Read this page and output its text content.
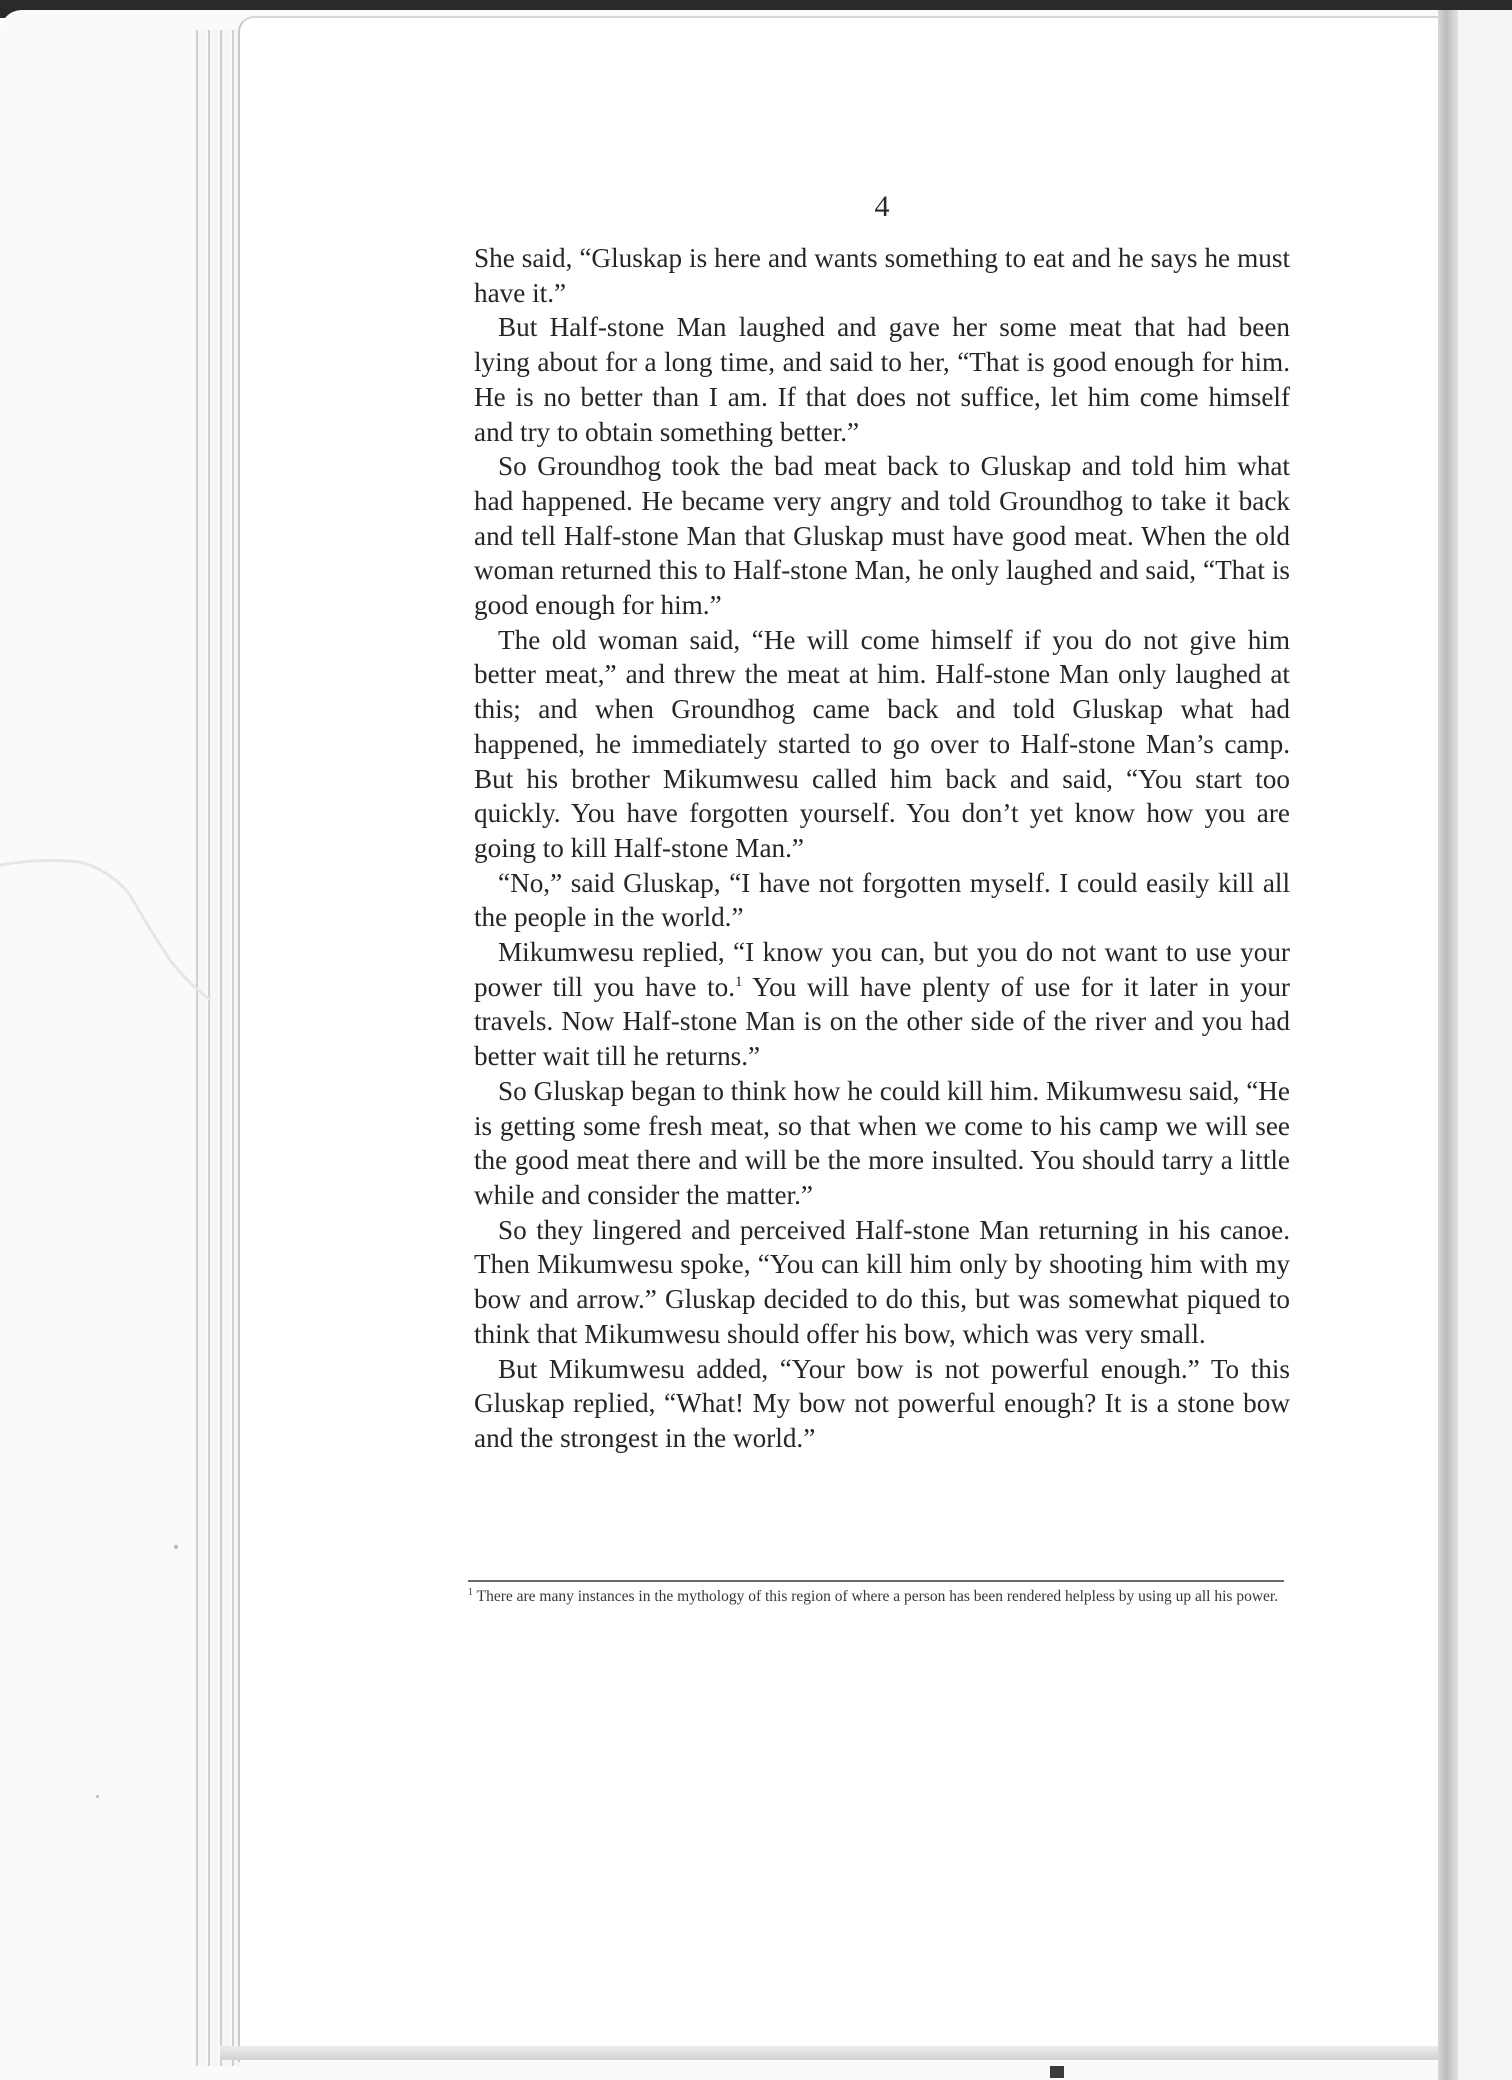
4

She said, “Gluskap is here and wants something to eat and he says he must have it.”

But Half-stone Man laughed and gave her some meat that had been lying about for a long time, and said to her, “That is good enough for him. He is no better than I am. If that does not suffice, let him come himself and try to obtain something better.”

So Groundhog took the bad meat back to Gluskap and told him what had happened. He became very angry and told Groundhog to take it back and tell Half-stone Man that Gluskap must have good meat. When the old woman returned this to Half-stone Man, he only laughed and said, “That is good enough for him.”

The old woman said, “He will come himself if you do not give him better meat,” and threw the meat at him. Half-stone Man only laughed at this; and when Groundhog came back and told Gluskap what had happened, he immediately started to go over to Half-stone Man’s camp. But his brother Mikumwesu called him back and said, “You start too quickly. You have forgotten yourself. You don’t yet know how you are going to kill Half-stone Man.”

“No,” said Gluskap, “I have not forgotten myself. I could easily kill all the people in the world.”

Mikumwesu replied, “I know you can, but you do not want to use your power till you have to.$^1$ You will have plenty of use for it later in your travels. Now Half-stone Man is on the other side of the river and you had better wait till he returns.”

So Gluskap began to think how he could kill him. Mikumwesu said, “He is getting some fresh meat, so that when we come to his camp we will see the good meat there and will be the more insulted. You should tarry a little while and consider the matter.”

So they lingered and perceived Half-stone Man returning in his canoe. Then Mikumwesu spoke, “You can kill him only by shooting him with my bow and arrow.” Gluskap decided to do this, but was somewhat piqued to think that Mikumwesu should offer his bow, which was very small.

But Mikumwesu added, “Your bow is not powerful enough.” To this Gluskap replied, “What! My bow not powerful enough? It is a stone bow and the strongest in the world.”

$^1$ There are many instances in the mythology of this region of where a person has been rendered helpless by using up all his power.
